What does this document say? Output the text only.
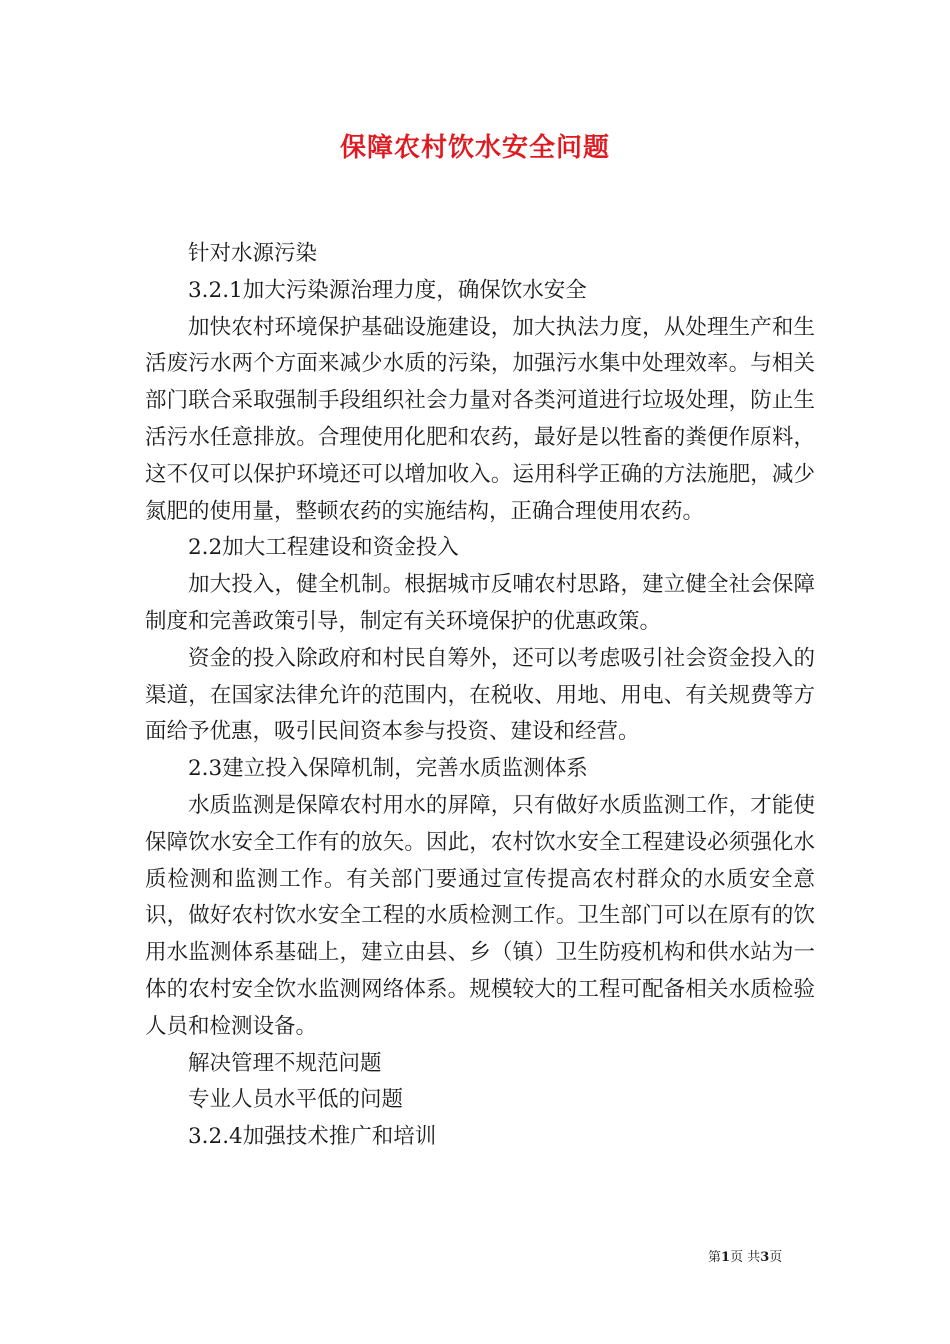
保障农村饮水安全问题

针对水源污染

3.2.1加大污染源治理力度，确保饮水安全

加快农村环境保护基础设施建设，加大执法力度，从处理生产和生活废污水两个方面来减少水质的污染，加强污水集中处理效率。与相关部门联合采取强制手段组织社会力量对各类河道进行垃圾处理，防止生活污水任意排放。合理使用化肥和农药，最好是以牲畜的粪便作原料，这不仅可以保护环境还可以增加收入。运用科学正确的方法施肥，减少氮肥的使用量，整顿农药的实施结构，正确合理使用农药。

2.2加大工程建设和资金投入

加大投入，健全机制。根据城市反哺农村思路，建立健全社会保障制度和完善政策引导，制定有关环境保护的优惠政策。

资金的投入除政府和村民自筹外，还可以考虑吸引社会资金投入的渠道，在国家法律允许的范围内，在税收、用地、用电、有关规费等方面给予优惠，吸引民间资本参与投资、建设和经营。

2.3建立投入保障机制，完善水质监测体系

水质监测是保障农村用水的屏障，只有做好水质监测工作，才能使保障饮水安全工作有的放矢。因此，农村饮水安全工程建设必须强化水质检测和监测工作。有关部门要通过宣传提高农村群众的水质安全意识，做好农村饮水安全工程的水质检测工作。卫生部门可以在原有的饮用水监测体系基础上，建立由县、乡（镇）卫生防疫机构和供水站为一体的农村安全饮水监测网络体系。规模较大的工程可配备相关水质检验人员和检测设备。

解决管理不规范问题

专业人员水平低的问题

3.2.4加强技术推广和培训

第1页 共3页
